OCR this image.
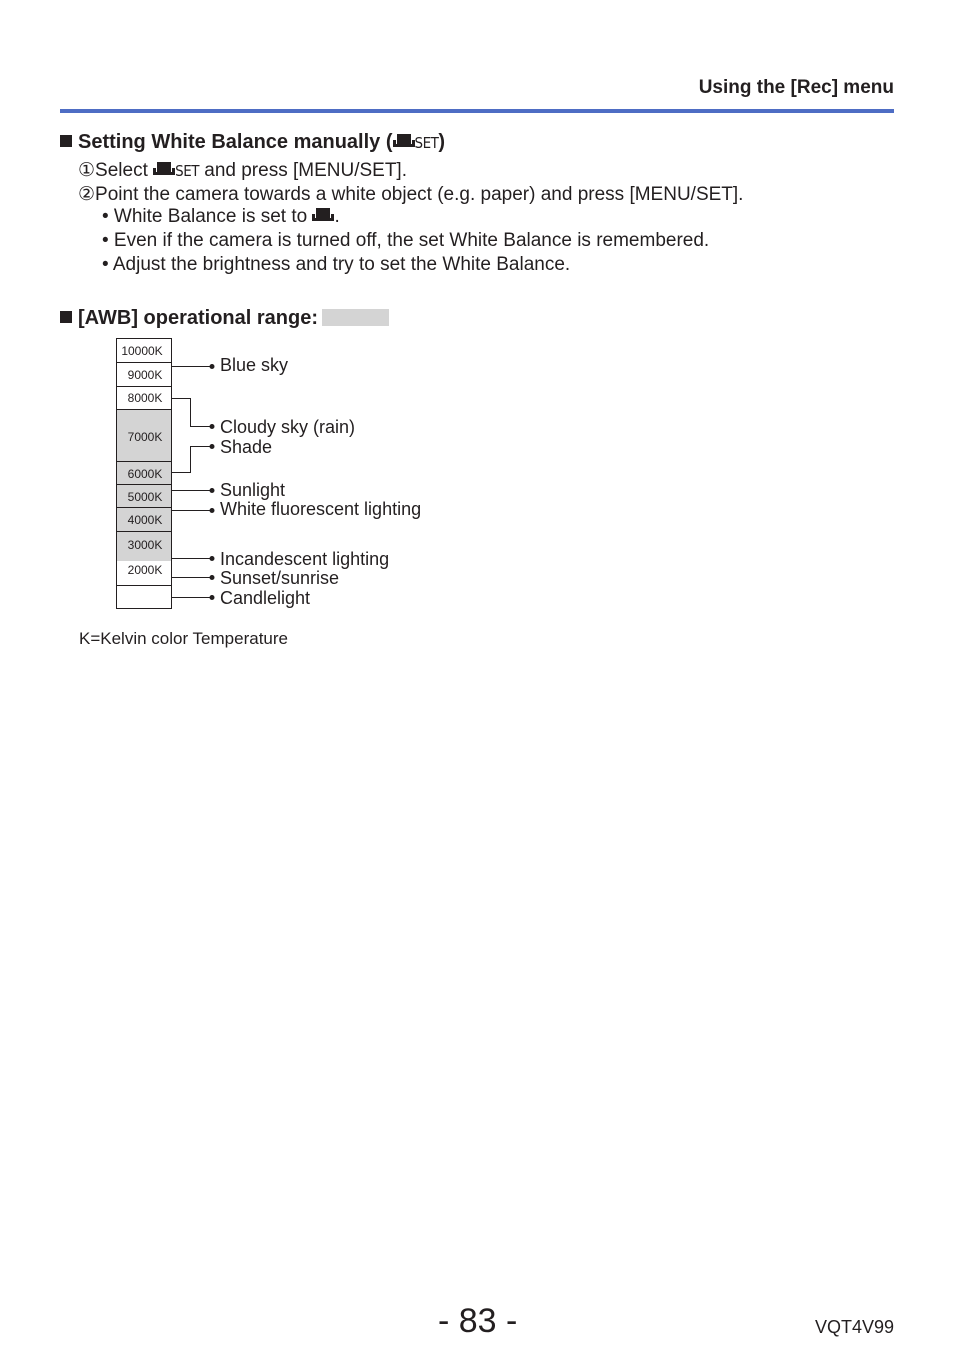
Using the [Rec] menu
Setting White Balance manually ( SET)
①Select
SET and press [MENU/SET].
②Point the camera towards a white object (e.g. paper) and press [MENU/SET].
• White Balance is set to
.
• Even if the camera is turned off, the set White Balance is remembered.
• Adjust the brightness and try to set the White Balance.
[AWB] operational range:
10000K
9000K
8000K
7000K
6000K
5000K
4000K
3000K
2000K
Blue sky
Cloudy sky (rain)
Shade
Sunlight
White fluorescent lighting
Incandescent lighting
Sunset/sunrise
Candlelight
K=Kelvin color Temperature
- 83 -	VQT4V99
